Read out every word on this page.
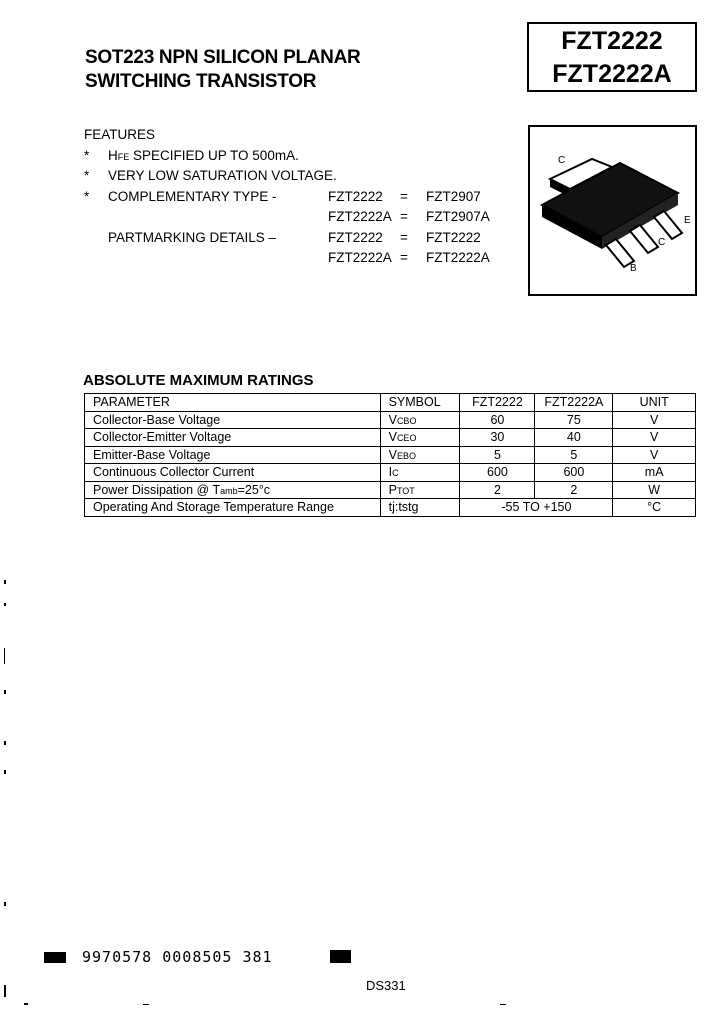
SOT223 NPN SILICON PLANAR
SWITCHING TRANSISTOR
FZT2222
FZT2222A
FEATURES
* HFE SPECIFIED UP TO 500mA.
* VERY LOW SATURATION VOLTAGE.
* COMPLEMENTARY TYPE -	FZT2222 = FZT2907
FZT2222A = FZT2907A
PARTMARKING DETAILS –	FZT2222 = FZT2222
FZT2222A = FZT2222A
C
E
C
B
ABSOLUTE MAXIMUM RATINGS
PARAMETER	SYMBOL	FZT2222	FZT2222A	UNIT
Collector-Base Voltage	VCBO	60	75	V
Collector-Emitter Voltage	VCEO	30	40	V
Emitter-Base Voltage	VEBO	5	5	V
Continuous Collector Current	IC	600	600	mA
Power Dissipation @ Tamb=25°c	PTOT	2	2	W
Operating And Storage Temperature Range	tj:tstg	-55 TO +150		°C
9970578 0008505 381
DS331
